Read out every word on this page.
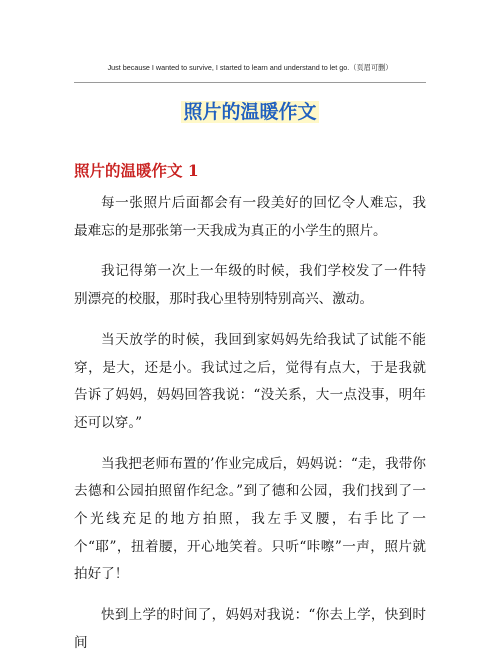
Just because I wanted to survive, I started to learn and understand to let go.（页眉可删）
照片的温暖作文
照片的温暖作文 1

每一张照片后面都会有一段美好的回忆令人难忘，我最难忘的是那张第一天我成为真正的小学生的照片。

我记得第一次上一年级的时候，我们学校发了一件特别漂亮的校服，那时我心里特别特别高兴、激动。

当天放学的时候，我回到家妈妈先给我试了试能不能穿，是大，还是小。我试过之后，觉得有点大，于是我就告诉了妈妈，妈妈回答我说：“没关系，大一点没事，明年还可以穿。”

当我把老师布置的’作业完成后，妈妈说：“走，我带你去德和公园拍照留作纪念。”到了德和公园，我们找到了一个光线充足的地方拍照，我左手叉腰，右手比了一个“耶”，扭着腰，开心地笑着。只听“咔嚓”一声，照片就拍好了！

快到上学的时间了，妈妈对我说：“你去上学，快到时间
